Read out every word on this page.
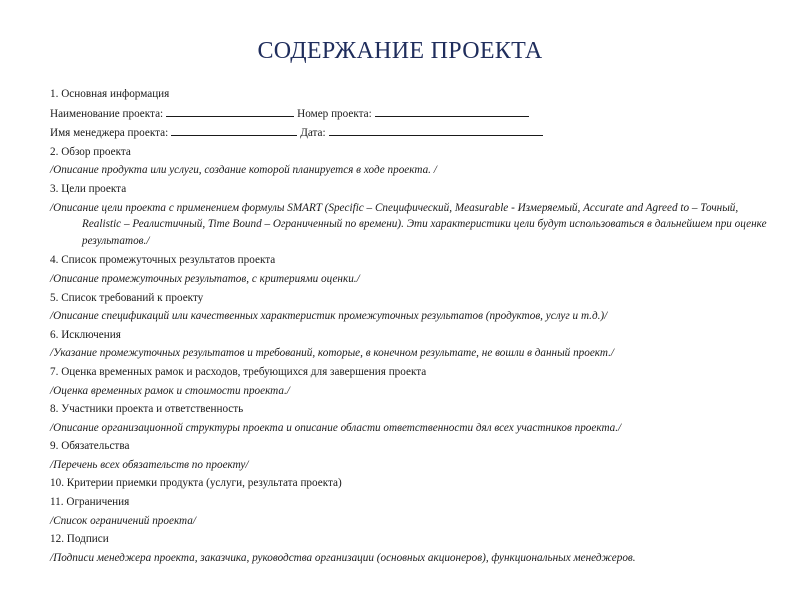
СОДЕРЖАНИЕ ПРОЕКТА
1. Основная информация
Наименование проекта:	Номер проекта:
Имя менеджера проекта:	Дата:
2. Обзор проекта
/Описание продукта или услуги, создание которой планируется в ходе проекта. /
3. Цели проекта
/Описание цели проекта с применением формулы SMART (Specific – Специфический, Measurable - Измеряемый, Accurate and Agreed to – Точный, Realistic – Реалистичный, Time Bound – Ограниченный по времени). Эти характеристики цели будут использоваться в дальнейшем при оценке результатов./
4. Список промежуточных результатов проекта
/Описание промежуточных результатов, с критериями оценки./
5. Список требований к проекту
/Описание спецификаций или качественных характеристик промежуточных результатов (продуктов, услуг и т.д.)/
6. Исключения
/Указание промежуточных результатов и требований, которые, в конечном результате, не вошли в данный проект./
7. Оценка временных рамок и расходов, требующихся для завершения проекта
/Оценка временных рамок и стоимости проекта./
8. Участники проекта и ответственность
/Описание организационной структуры проекта и описание области ответственности дял всех участников проекта./
9. Обязательства
/Перечень всех обязательств по проекту/
10. Критерии приемки продукта (услуги, результата проекта)
11. Ограничения
/Список ограничений проекта/
12. Подписи
/Подписи менеджера проекта, заказчика, руководства организации (основных акционеров), функциональных менеджеров.
